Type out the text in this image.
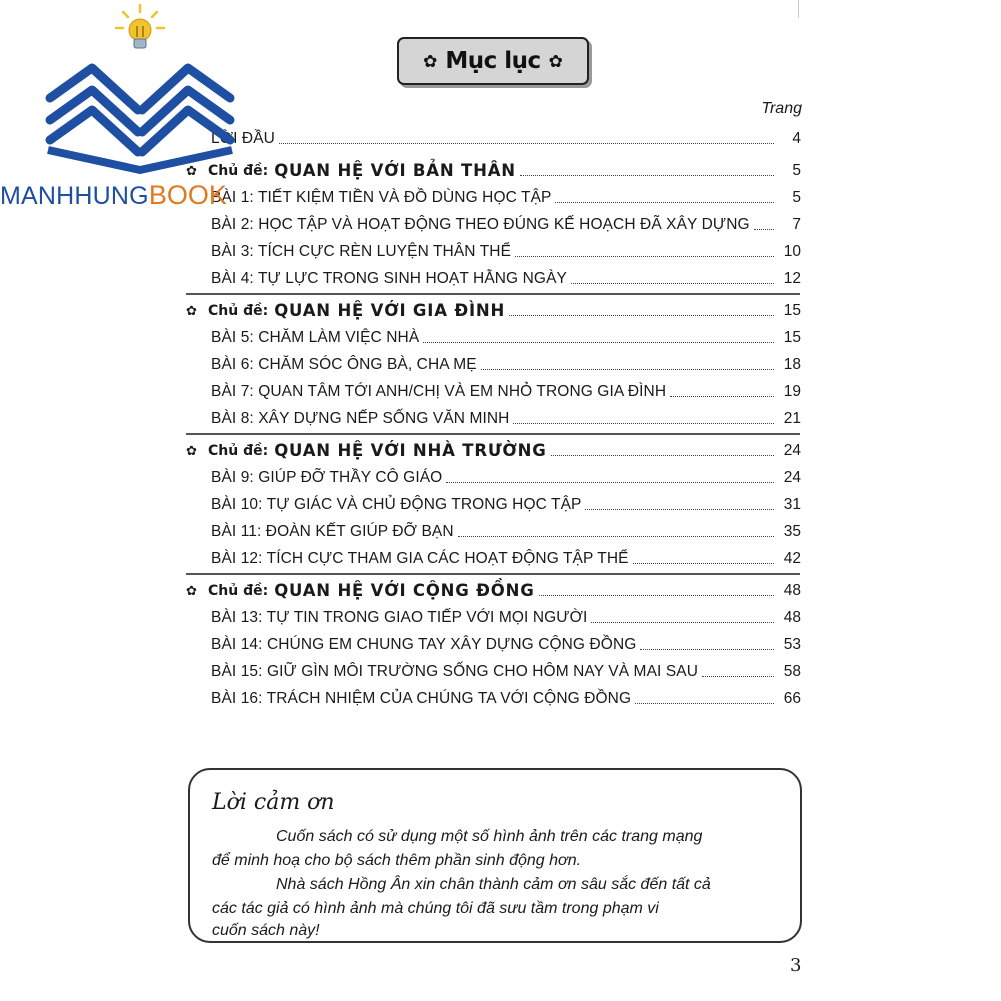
✿ Mục lục ✿
Trang
LỜI ĐẦU	4
✿ Chủ đề: QUAN HỆ VỚI BẢN THÂN	5
BÀI 1: TIẾT KIỆM TIỀN VÀ ĐỒ DÙNG HỌC TẬP	5
BÀI 2: HỌC TẬP VÀ HOẠT ĐỘNG THEO ĐÚNG KẾ HOẠCH ĐÃ XÂY DỰNG	7
BÀI 3: TÍCH CỰC RÈN LUYỆN THÂN THỂ	10
BÀI 4: TỰ LỰC TRONG SINH HOẠT HẰNG NGÀY	12
✿ Chủ đề: QUAN HỆ VỚI GIA ĐÌNH	15
BÀI 5: CHĂM LÀM VIỆC NHÀ	15
BÀI 6: CHĂM SÓC ÔNG BÀ, CHA MẸ	18
BÀI 7: QUAN TÂM TỚI ANH/CHỊ VÀ EM NHỎ TRONG GIA ĐÌNH	19
BÀI 8: XÂY DỰNG NẾP SỐNG VĂN MINH	21
✿ Chủ đề: QUAN HỆ VỚI NHÀ TRƯỜNG	24
BÀI 9: GIÚP ĐỠ THẦY CÔ GIÁO	24
BÀI 10: TỰ GIÁC VÀ CHỦ ĐỘNG TRONG HỌC TẬP	31
BÀI 11: ĐOÀN KẾT GIÚP ĐỠ BẠN	35
BÀI 12: TÍCH CỰC THAM GIA CÁC HOẠT ĐỘNG TẬP THỂ	42
✿ Chủ đề: QUAN HỆ VỚI CỘNG ĐỒNG	48
BÀI 13: TỰ TIN TRONG GIAO TIẾP VỚI MỌI NGƯỜI	48
BÀI 14: CHÚNG EM CHUNG TAY XÂY DỰNG CỘNG ĐỒNG	53
BÀI 15: GIỮ GÌN MÔI TRƯỜNG SỐNG CHO HÔM NAY VÀ MAI SAU	58
BÀI 16: TRÁCH NHIỆM CỦA CHÚNG TA VỚI CỘNG ĐỒNG	66
Lời cảm ơn
Cuốn sách có sử dụng một số hình ảnh trên các trang mạng
để minh hoạ cho bộ sách thêm phần sinh động hơn.
Nhà sách Hồng Ân xin chân thành cảm ơn sâu sắc đến tất cả
các tác giả có hình ảnh mà chúng tôi đã sưu tầm trong phạm vi
cuốn sách này!
3
MANHHUNGBOOK
